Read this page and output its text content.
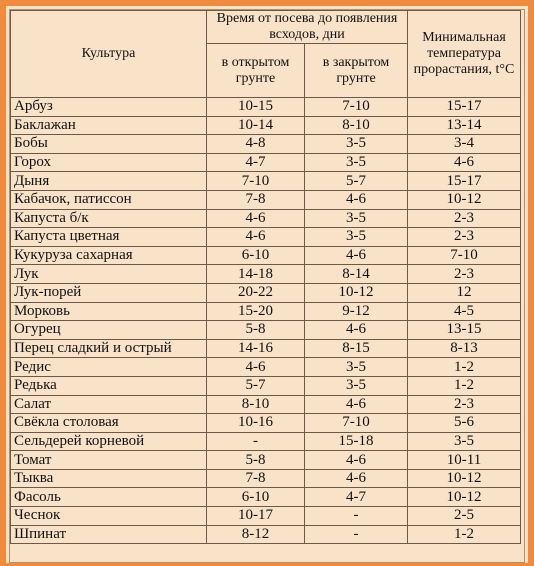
Культура	Время от посева до появления всходов, дни		Минимальная температура прорастания, t°C
	в открытом грунте	в закрытом грунте	
Арбуз	10-15	7-10	15-17
Баклажан	10-14	8-10	13-14
Бобы	4-8	3-5	3-4
Горох	4-7	3-5	4-6
Дыня	7-10	5-7	15-17
Кабачок, патиссон	7-8	4-6	10-12
Капуста б/к	4-6	3-5	2-3
Капуста цветная	4-6	3-5	2-3
Кукуруза сахарная	6-10	4-6	7-10
Лук	14-18	8-14	2-3
Лук-порей	20-22	10-12	12
Морковь	15-20	9-12	4-5
Огурец	5-8	4-6	13-15
Перец сладкий и острый	14-16	8-15	8-13
Редис	4-6	3-5	1-2
Редька	5-7	3-5	1-2
Салат	8-10	4-6	2-3
Свёкла столовая	10-16	7-10	5-6
Сельдерей корневой	-	15-18	3-5
Томат	5-8	4-6	10-11
Тыква	7-8	4-6	10-12
Фасоль	6-10	4-7	10-12
Чеснок	10-17	-	2-5
Шпинат	8-12	-	1-2
